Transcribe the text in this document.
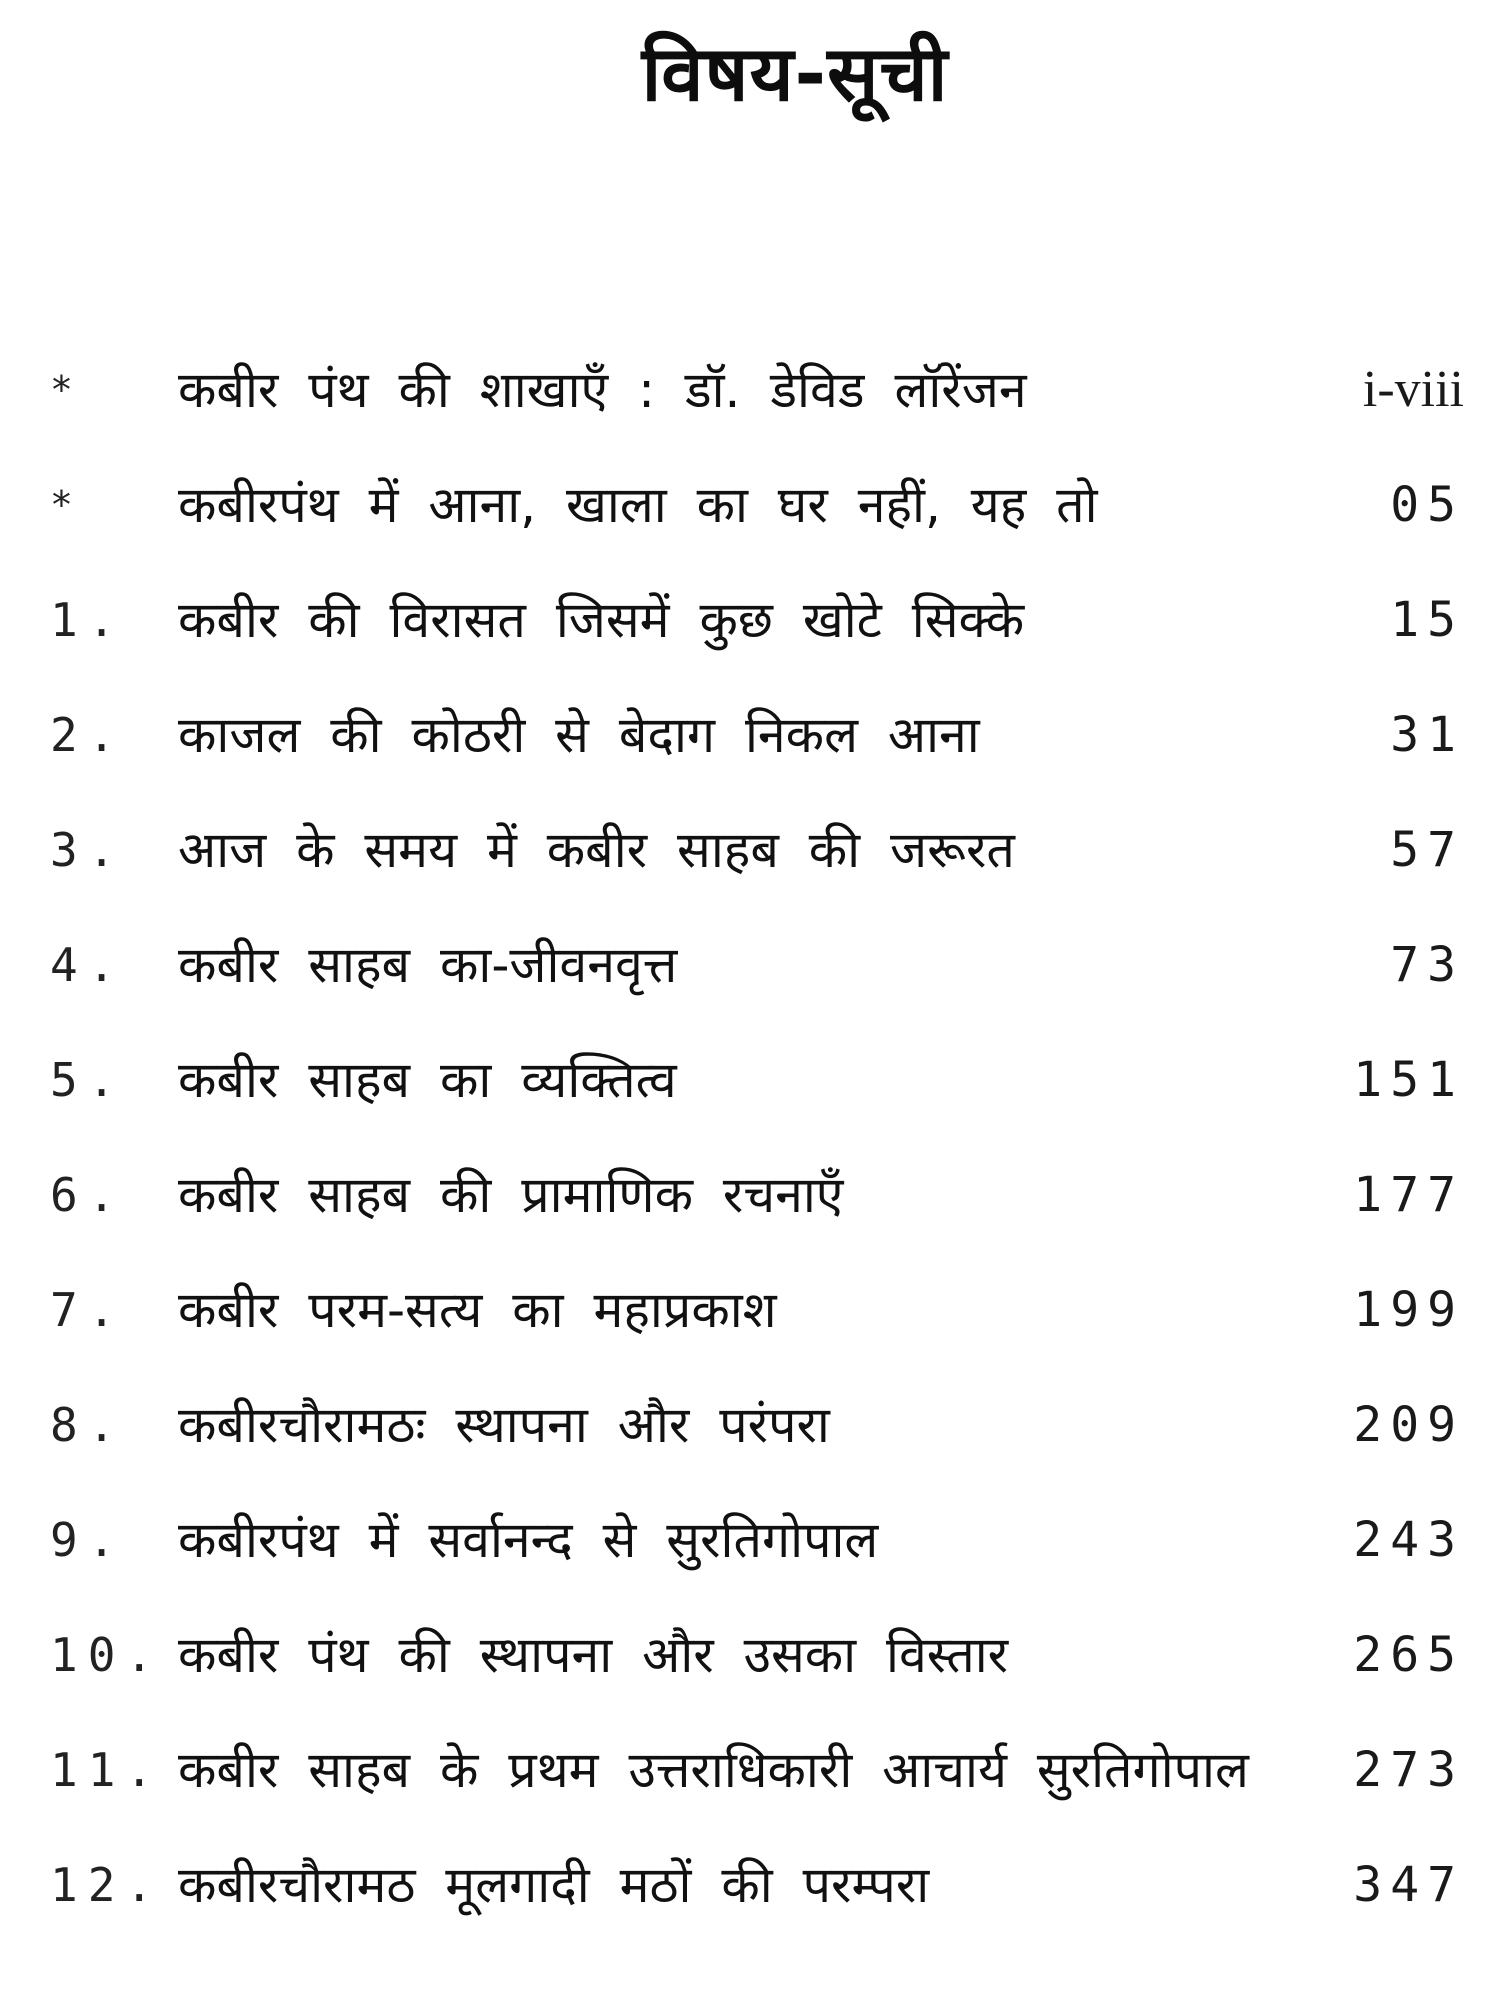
विषय-सूची
*	कबीर पंथ की शाखाएँ : डॉ. डेविड लॉरेंजन	i-viii
*	कबीरपंथ में आना, खाला का घर नहीं, यह तो	05
1.	कबीर की विरासत जिसमें कुछ खोटे सिक्के	15
2.	काजल की कोठरी से बेदाग निकल आना	31
3.	आज के समय में कबीर साहब की जरूरत	57
4.	कबीर साहब का-जीवनवृत्त	73
5.	कबीर साहब का व्यक्तित्व	151
6.	कबीर साहब की प्रामाणिक रचनाएँ	177
7.	कबीर परम-सत्य का महाप्रकाश	199
8.	कबीरचौरामठः स्थापना और परंपरा	209
9.	कबीरपंथ में सर्वानन्द से सुरतिगोपाल	243
10. कबीर पंथ की स्थापना और उसका विस्तार	265
11. कबीर साहब के प्रथम उत्तराधिकारी आचार्य सुरतिगोपाल 273
12. कबीरचौरामठ मूलगादी मठों की परम्परा	347
